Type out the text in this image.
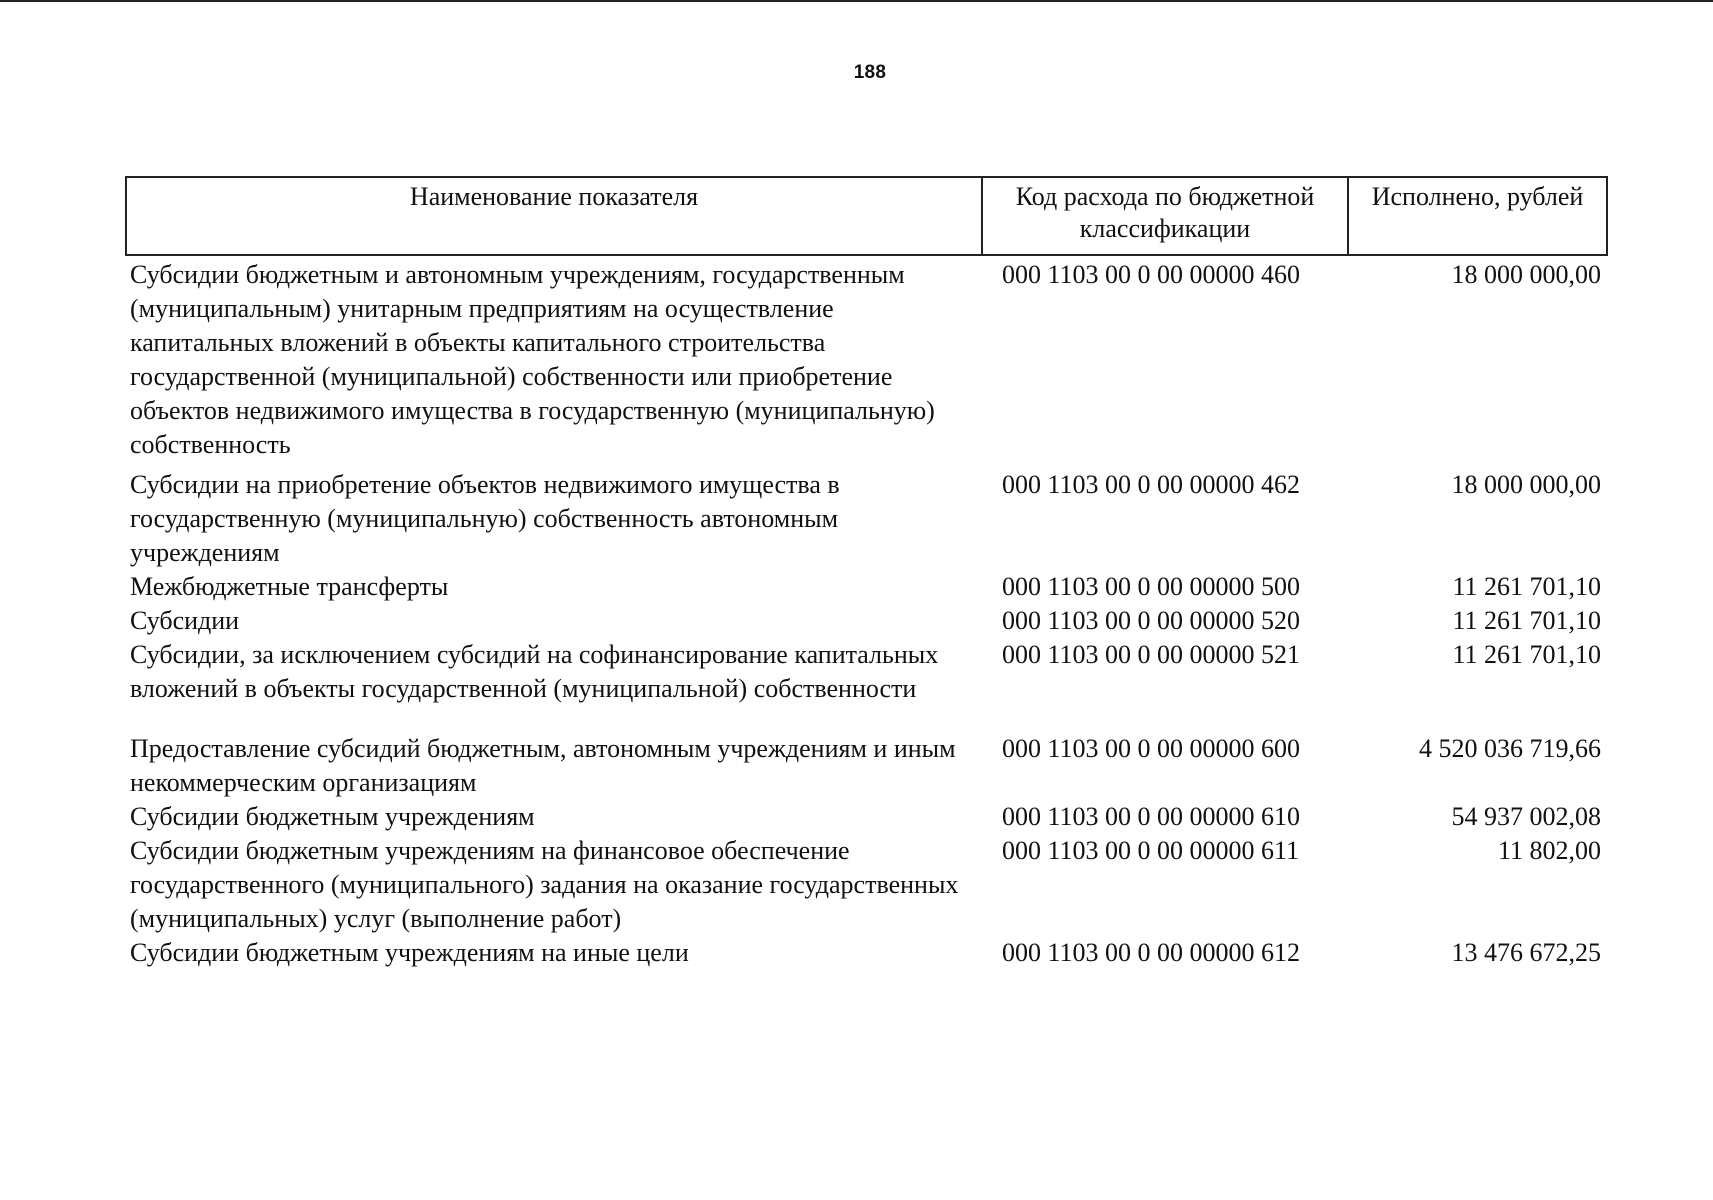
188
Наименование показателя	Код расхода по бюджетной классификации	Исполнено, рублей
Субсидии бюджетным и автономным учреждениям, государственным (муниципальным) унитарным предприятиям на осуществление капитальных вложений в объекты капитального строительства государственной (муниципальной) собственности или приобретение объектов недвижимого имущества в государственную (муниципальную) собственность	000 1103 00 0 00 00000 460	18 000 000,00
Субсидии на приобретение объектов недвижимого имущества в государственную (муниципальную) собственность автономным учреждениям	000 1103 00 0 00 00000 462	18 000 000,00
Межбюджетные трансферты	000 1103 00 0 00 00000 500	11 261 701,10
Субсидии	000 1103 00 0 00 00000 520	11 261 701,10
Субсидии, за исключением субсидий на софинансирование капитальных вложений в объекты государственной (муниципальной) собственности	000 1103 00 0 00 00000 521	11 261 701,10
Предоставление субсидий бюджетным, автономным учреждениям и иным некоммерческим организациям	000 1103 00 0 00 00000 600	4 520 036 719,66
Субсидии бюджетным учреждениям	000 1103 00 0 00 00000 610	54 937 002,08
Субсидии бюджетным учреждениям на финансовое обеспечение государственного (муниципального) задания на оказание государственных (муниципальных) услуг (выполнение работ)	000 1103 00 0 00 00000 611	11 802,00
Субсидии бюджетным учреждениям на иные цели	000 1103 00 0 00 00000 612	13 476 672,25
